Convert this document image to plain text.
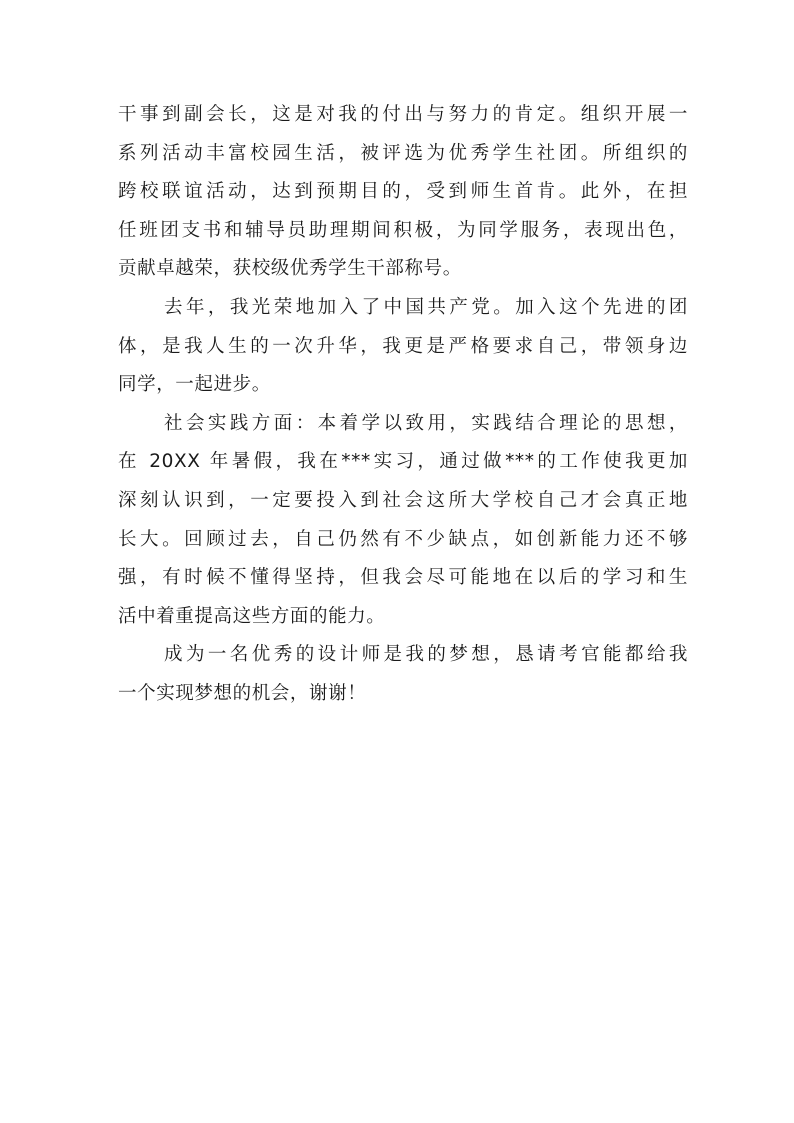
干事到副会长，这是对我的付出与努力的肯定。组织开展一
系列活动丰富校园生活，被评选为优秀学生社团。所组织的
跨校联谊活动，达到预期目的，受到师生首肯。此外，在担
任班团支书和辅导员助理期间积极，为同学服务，表现出色，
贡献卓越荣，获校级优秀学生干部称号。
去年，我光荣地加入了中国共产党。加入这个先进的团
体，是我人生的一次升华，我更是严格要求自己，带领身边
同学，一起进步。
社会实践方面：本着学以致用，实践结合理论的思想，
在 20XX 年暑假，我在***实习，通过做***的工作使我更加
深刻认识到，一定要投入到社会这所大学校自己才会真正地
长大。回顾过去，自己仍然有不少缺点，如创新能力还不够
强，有时候不懂得坚持，但我会尽可能地在以后的学习和生
活中着重提高这些方面的能力。
成为一名优秀的设计师是我的梦想，恳请考官能都给我
一个实现梦想的机会，谢谢！
